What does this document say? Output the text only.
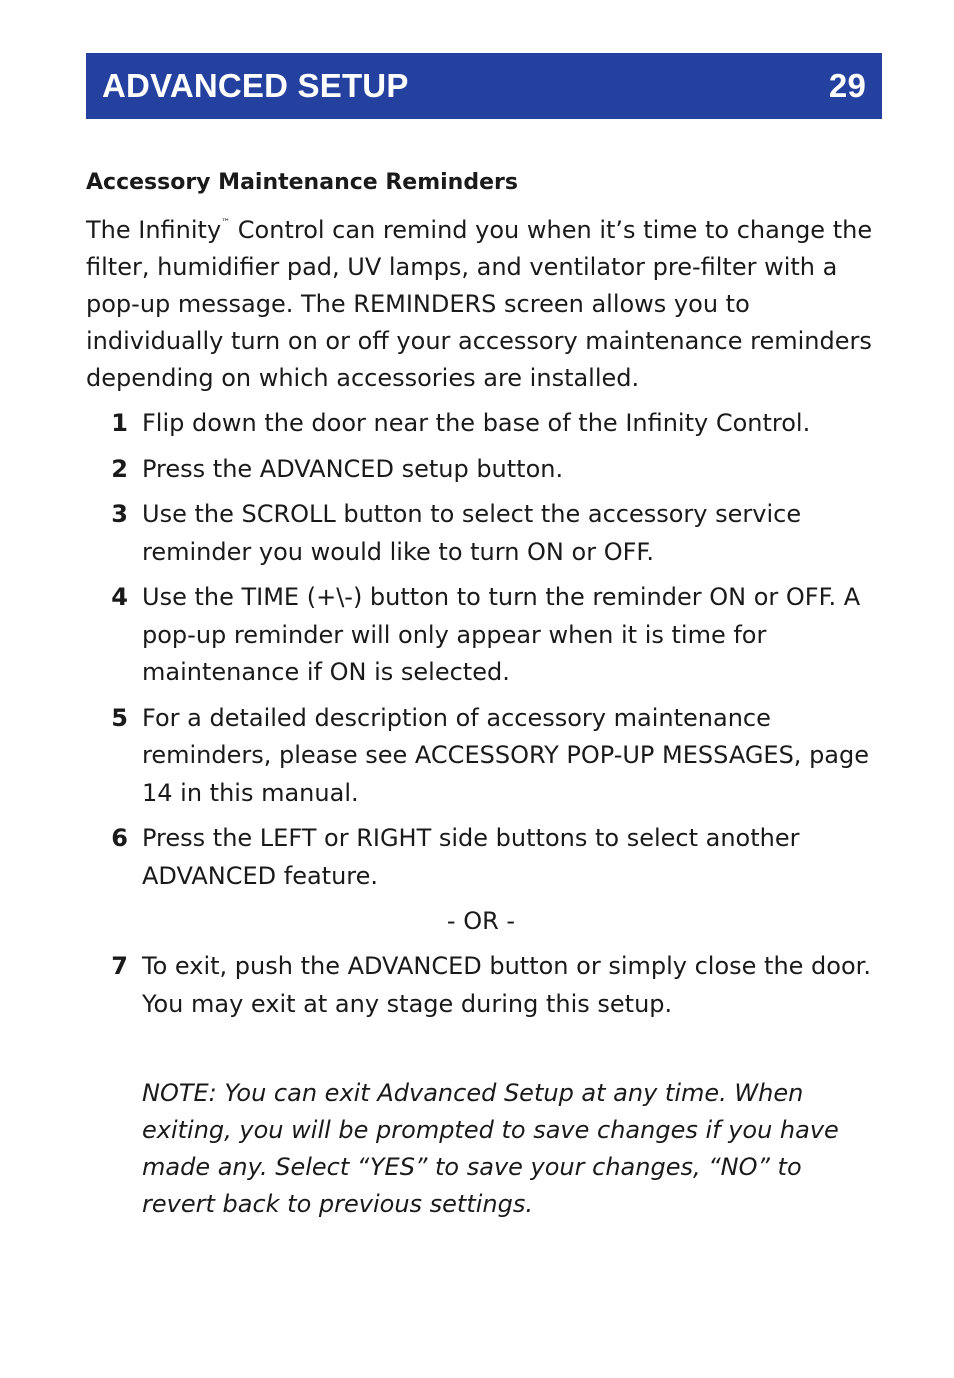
ADVANCED SETUP	29
Accessory Maintenance Reminders

The Infinity™ Control can remind you when it’s time to change the filter, humidifier pad, UV lamps, and ventilator pre-filter with a pop-up message. The REMINDERS screen allows you to individually turn on or off your accessory maintenance reminders depending on which accessories are installed.

1 Flip down the door near the base of the Infinity Control.
2 Press the ADVANCED setup button.
3 Use the SCROLL button to select the accessory service reminder you would like to turn ON or OFF.
4 Use the TIME (+\-) button to turn the reminder ON or OFF. A pop-up reminder will only appear when it is time for maintenance if ON is selected.
5 For a detailed description of accessory maintenance reminders, please see ACCESSORY POP-UP MESSAGES, page 14 in this manual.
6 Press the LEFT or RIGHT side buttons to select another ADVANCED feature.
- OR -
7 To exit, push the ADVANCED button or simply close the door. You may exit at any stage during this setup.

NOTE: You can exit Advanced Setup at any time. When exiting, you will be prompted to save changes if you have made any. Select “YES” to save your changes, “NO” to revert back to previous settings.
